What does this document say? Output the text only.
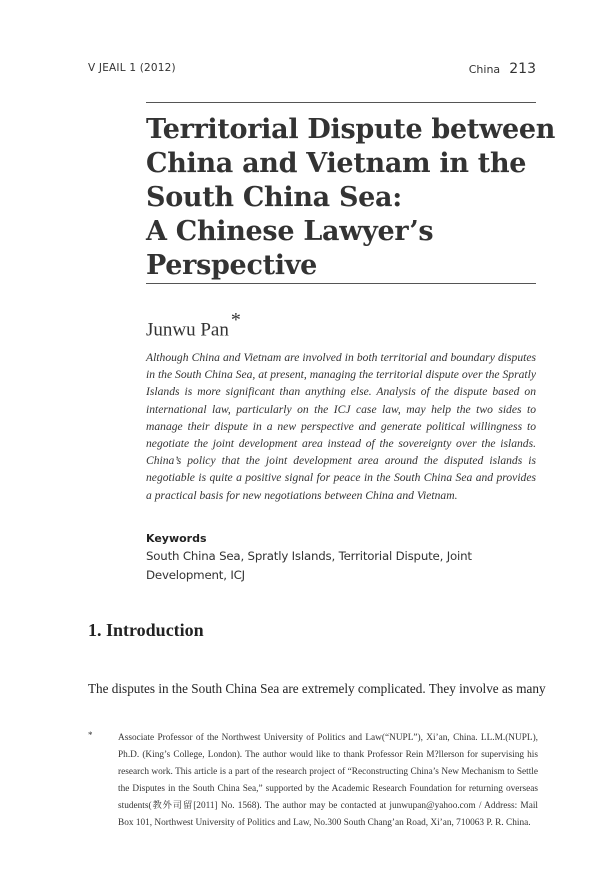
Ⅴ JEAIL 1 (2012)	China 213
Territorial Dispute between
China and Vietnam in the
South China Sea:
A Chinese Lawyer’s
Perspective
Junwu Pan *
Although China and Vietnam are involved in both territorial and boundary disputes in the South China Sea, at present, managing the territorial dispute over the Spratly Islands is more significant than anything else. Analysis of the dispute based on international law, particularly on the ICJ case law, may help the two sides to manage their dispute in a new perspective and generate political willingness to negotiate the joint development area instead of the sovereignty over the islands. China’s policy that the joint development area around the disputed islands is negotiable is quite a positive signal for peace in the South China Sea and provides a practical basis for new negotiations between China and Vietnam.
Keywords
South China Sea, Spratly Islands, Territorial Dispute, Joint Development, ICJ
1. Introduction
The disputes in the South China Sea are extremely complicated. They involve as many
*	Associate Professor of the Northwest University of Politics and Law(“NUPL”), Xi’an, China. LL.M.(NUPL), Ph.D. (King’s College, London). The author would like to thank Professor Rein M?llerson for supervising his research work. This article is a part of the research project of “Reconstructing China’s New Mechanism to Settle the Disputes in the South China Sea,” supported by the Academic Research Foundation for returning overseas students(教外司留[2011] No. 1568). The author may be contacted at junwupan@yahoo.com / Address: Mail Box 101, Northwest University of Politics and Law, No.300 South Chang’an Road, Xi’an, 710063 P. R. China.
